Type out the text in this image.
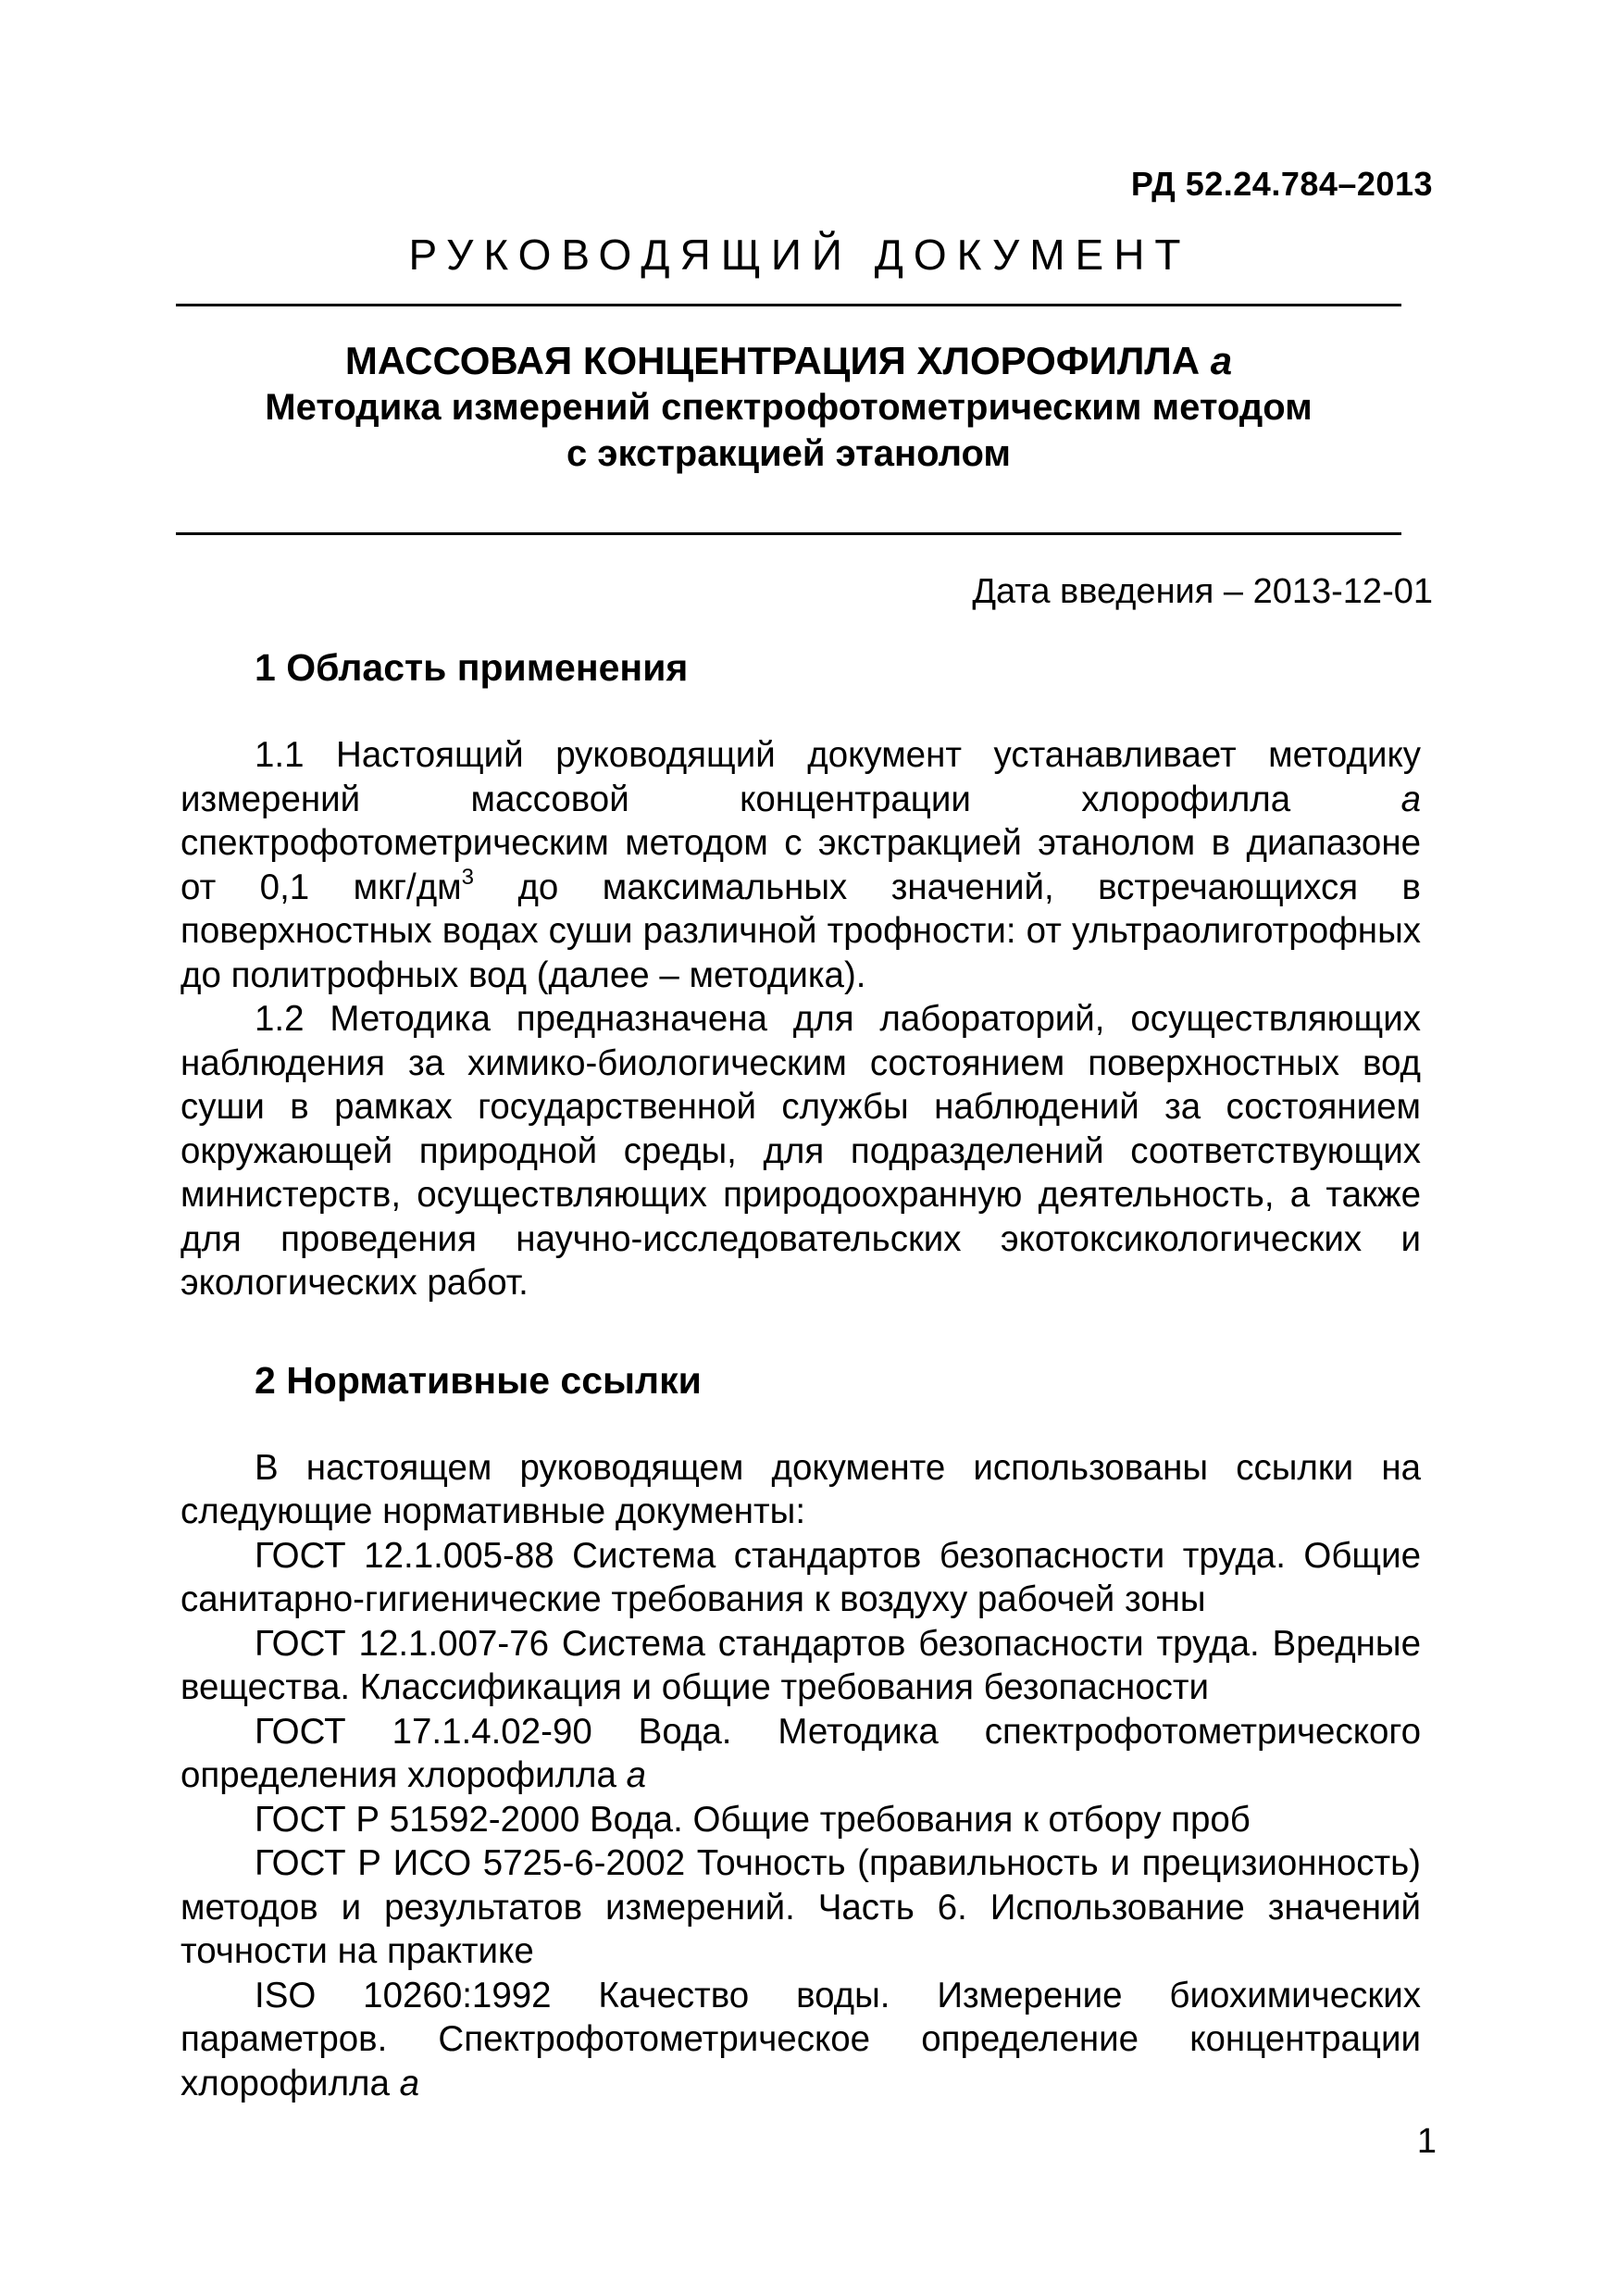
РД 52.24.784–2013
РУКОВОДЯЩИЙ ДОКУМЕНТ
МАССОВАЯ КОНЦЕНТРАЦИЯ ХЛОРОФИЛЛА а
Методика измерений спектрофотометрическим методом
с экстракцией этанолом
Дата введения – 2013-12-01
1 Область применения

1.1 Настоящий руководящий документ устанавливает методику измерений массовой концентрации хлорофилла	а спектрофотометрическим методом с экстракцией этанолом в диапазоне от 0,1 мкг/$дм^3$ до максимальных значений, встречающихся в поверхностных водах суши различной трофности: от ультраолиготрофных до политрофных вод (далее – методика).

1.2 Методика предназначена для лабораторий, осуществляющих наблюдения за химико-биологическим состоянием поверхностных вод суши в рамках государственной службы наблюдений за состоянием окружающей природной среды, для подразделений соответствующих министерств, осуществляющих природоохранную деятельность, а также для проведения научно-исследовательских экотоксикологических и экологических работ.

2 Нормативные ссылки

В настоящем руководящем документе использованы ссылки на следующие нормативные документы:

ГОСТ 12.1.005-88 Система стандартов безопасности труда. Общие санитарно-гигиенические требования к воздуху рабочей зоны

ГОСТ 12.1.007-76 Система стандартов безопасности труда. Вредные вещества. Классификация и общие требования безопасности

ГОСТ 17.1.4.02-90 Вода. Методика спектрофотометрического определения хлорофилла а

ГОСТ Р 51592-2000 Вода. Общие требования к отбору проб

ГОСТ Р ИСО 5725-6-2002 Точность (правильность и прецизионность) методов и результатов измерений. Часть 6. Использование значений точности на практике

ISO 10260:1992 Качество воды. Измерение биохимических параметров. Спектрофотометрическое определение концентрации хлорофилла а

1
